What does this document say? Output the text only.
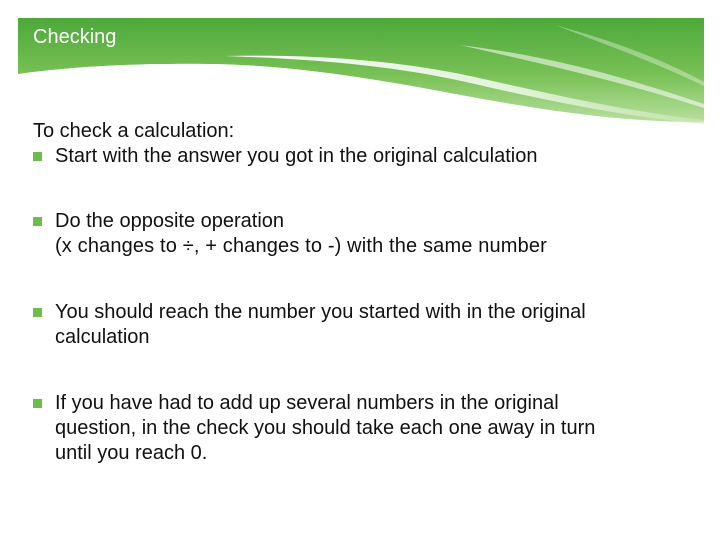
Checking

To check a calculation:

Start with the answer you got in the original calculation
Do the opposite operation
(x changes to ÷, + changes to -) with the same number
You should reach the number you started with in the original
calculation
If you have had to add up several numbers in the original
question, in the check you should take each one away in turn
until you reach 0.
